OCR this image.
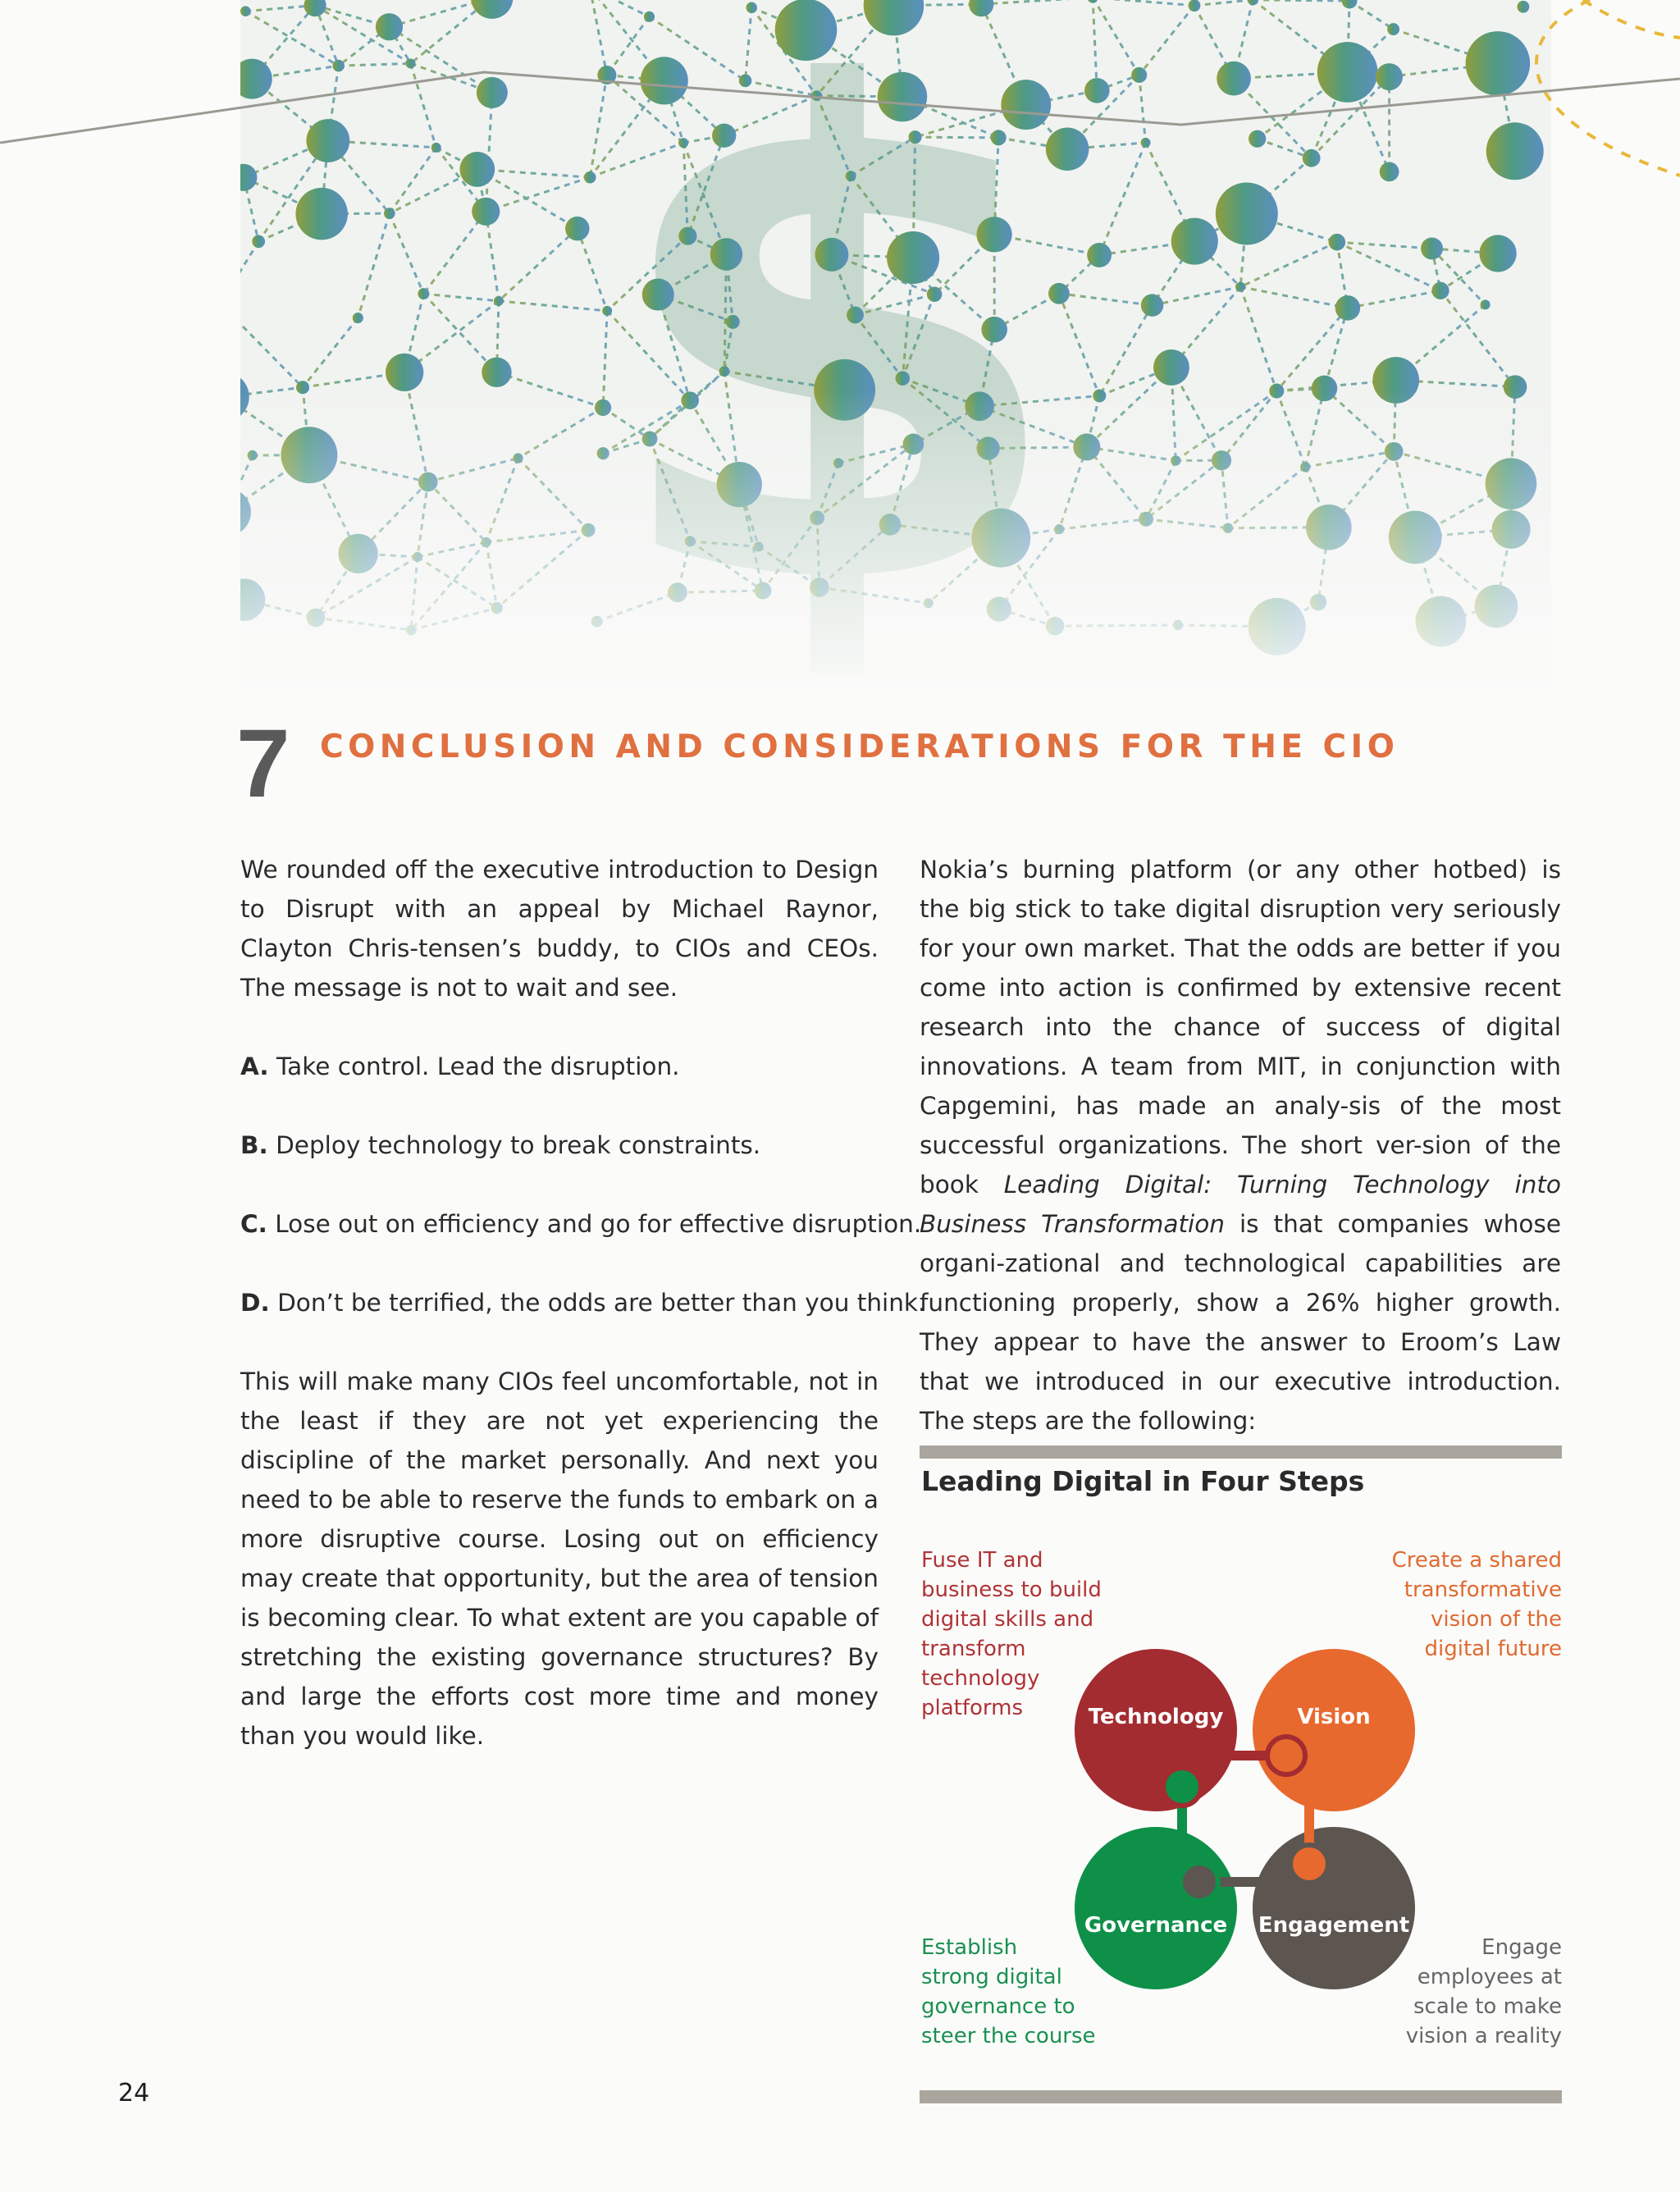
7 CONCLUSION AND CONSIDERATIONS FOR THE CIO

We rounded off the executive introduction to Design to Disrupt with an appeal by Michael Raynor, Clayton Chris-tensen’s buddy, to CIOs and CEOs. The message is not to wait and see.

A. Take control. Lead the disruption.
B. Deploy technology to break constraints.
C. Lose out on efficiency and go for effective disruption.
D. Don’t be terrified, the odds are better than you think.

This will make many CIOs feel uncomfortable, not in the least if they are not yet experiencing the discipline of the market personally. And next you need to be able to reserve the funds to embark on a more disruptive course. Losing out on efficiency may create that opportunity, but the area of tension is becoming clear. To what extent are you capable of stretching the existing governance structures? By and large the efforts cost more time and money than you would like.

Nokia’s burning platform (or any other hotbed) is the big stick to take digital disruption very seriously for your own market. That the odds are better if you come into action is confirmed by extensive recent research into the chance of success of digital innovations. A team from MIT, in conjunction with Capgemini, has made an analy-sis of the most successful organizations. The short ver-sion of the book Leading Digital: Turning Technology into Business Transformation is that companies whose organi-zational and technological capabilities are functioning properly, show a 26% higher growth. They appear to have the answer to Eroom’s Law that we introduced in our executive introduction. The steps are the following:

Leading Digital in Four Steps
Fuse IT and
business to build
digital skills and
transform
technology
platforms
Create a shared
transformative
vision of the
digital future
Establish
strong digital
governance to
steer the course
Engage
employees at
scale to make
vision a reality
Technology	Vision
Governance Engagement
24
